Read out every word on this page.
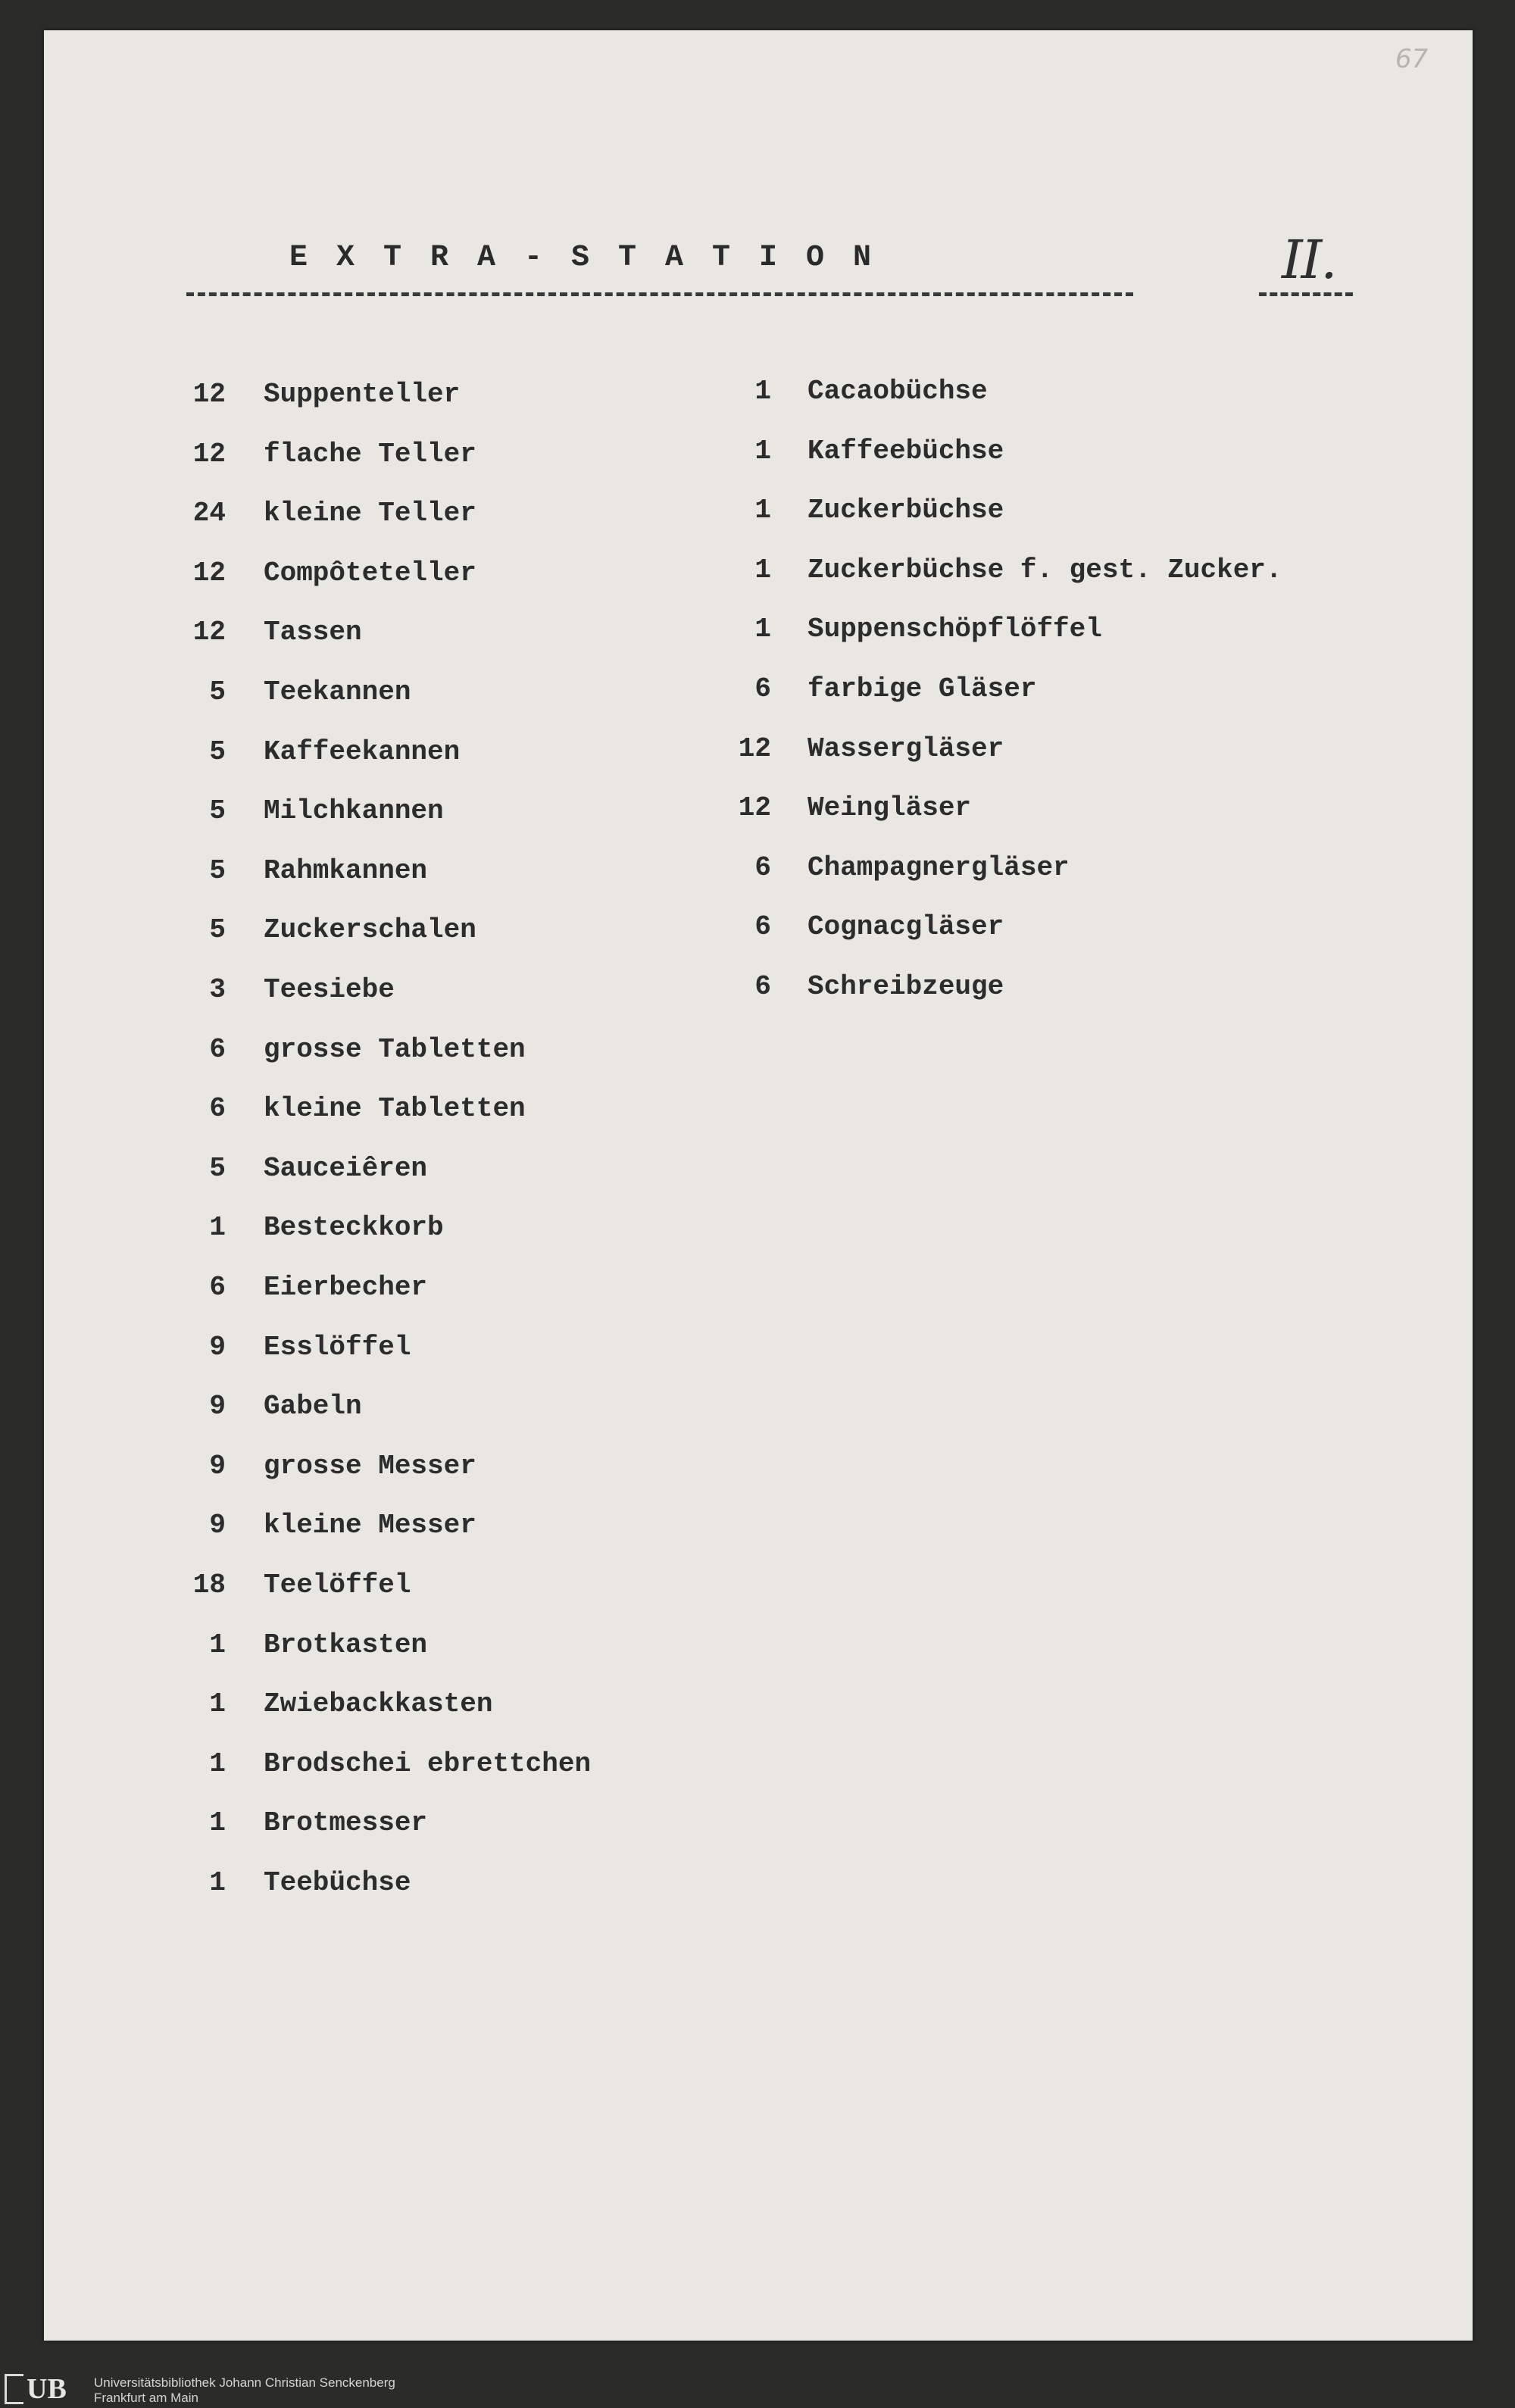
67
E X T R A - S T A T I O N	II.
12 Suppenteller
12 flache Teller
24 kleine Teller
12 Compôteteller
12 Tassen
5 Teekannen
5 Kaffeekannen
5 Milchkannen
5 Rahmkannen
5 Zuckerschalen
3 Teesiebe
6 grosse Tabletten
6 kleine Tabletten
5 Sauceiêren
1 Besteckkorb
6 Eierbecher
9 Esslöffel
9 Gabeln
9 grosse Messer
9 kleine Messer
18 Teelöffel
1 Brotkasten
1 Zwiebackkasten
1 Brodschei ebrettchen
1 Brotmesser
1 Teebüchse
1 Cacaobüchse
1 Kaffeebüchse
1 Zuckerbüchse
1 Zuckerbüchse f. gest. Zucker.
1 Suppenschöpflöffel
6 farbige Gläser
12 Wassergläser
12 Weingläser
6 Champagnergläser
6 Cognacgläser
6 Schreibzeuge
UB Universitätsbibliothek Johann Christian Senckenberg
Frankfurt am Main
